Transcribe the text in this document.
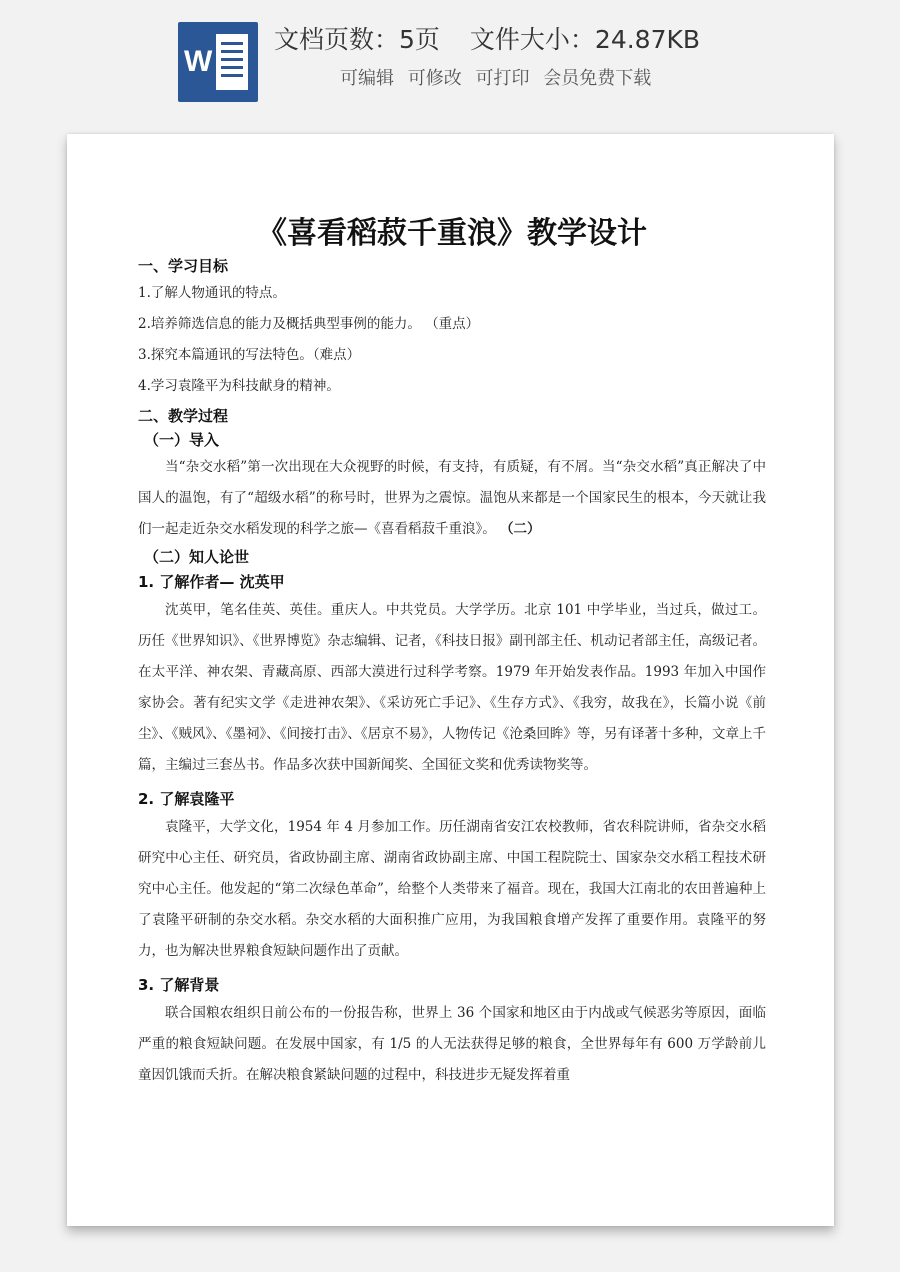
W
文档页数：5页 文件大小：24.87KB
可编辑 可修改 可打印 会员免费下载
《喜看稻菽千重浪》教学设计
一、学习目标
1.了解人物通讯的特点。
2.培养筛选信息的能力及概括典型事例的能力。 （重点）
3.探究本篇通讯的写法特色。（难点）
4.学习袁隆平为科技献身的精神。
二、教学过程
（一）导入

当“杂交水稻”第一次出现在大众视野的时候，有支持，有质疑，有不屑。当“杂交水稻”真正解决了中国人的温饱，有了“超级水稻”的称号时，世界为之震惊。温饱从来都是一个国家民生的根本，今天就让我们一起走近杂交水稻发现的科学之旅—《喜看稻菽千重浪》。 （二）

（二）知人论世
1. 了解作者— 沈英甲

沈英甲，笔名佳英、英佳。重庆人。中共党员。大学学历。北京 101 中学毕业，当过兵，做过工。历任《世界知识》、《世界博览》杂志编辑、记者，《科技日报》副刊部主任、机动记者部主任，高级记者。在太平洋、神农架、青藏高原、西部大漠进行过科学考察。1979 年开始发表作品。1993 年加入中国作家协会。著有纪实文学《走进神农架》、《采访死亡手记》、《生存方式》、《我穷，故我在》，长篇小说《前尘》、《贼风》、《墨祠》、《间接打击》、《居京不易》，人物传记《沧桑回眸》等，另有译著十多种，文章上千篇，主编过三套丛书。作品多次获中国新闻奖、全国征文奖和优秀读物奖等。

2. 了解袁隆平

袁隆平，大学文化，1954 年 4 月参加工作。历任湖南省安江农校教师，省农科院讲师，省杂交水稻研究中心主任、研究员，省政协副主席、湖南省政协副主席、中国工程院院士、国家杂交水稻工程技术研究中心主任。他发起的“第二次绿色革命”，给整个人类带来了福音。现在，我国大江南北的农田普遍种上了袁隆平研制的杂交水稻。杂交水稻的大面积推广应用，为我国粮食增产发挥了重要作用。袁隆平的努力，也为解决世界粮食短缺问题作出了贡献。

3. 了解背景

联合国粮农组织日前公布的一份报告称，世界上 36 个国家和地区由于内战或气候恶劣等原因，面临严重的粮食短缺问题。在发展中国家，有 1/5 的人无法获得足够的粮食，全世界每年有 600 万学龄前儿童因饥饿而夭折。在解决粮食紧缺问题的过程中，科技进步无疑发挥着重
